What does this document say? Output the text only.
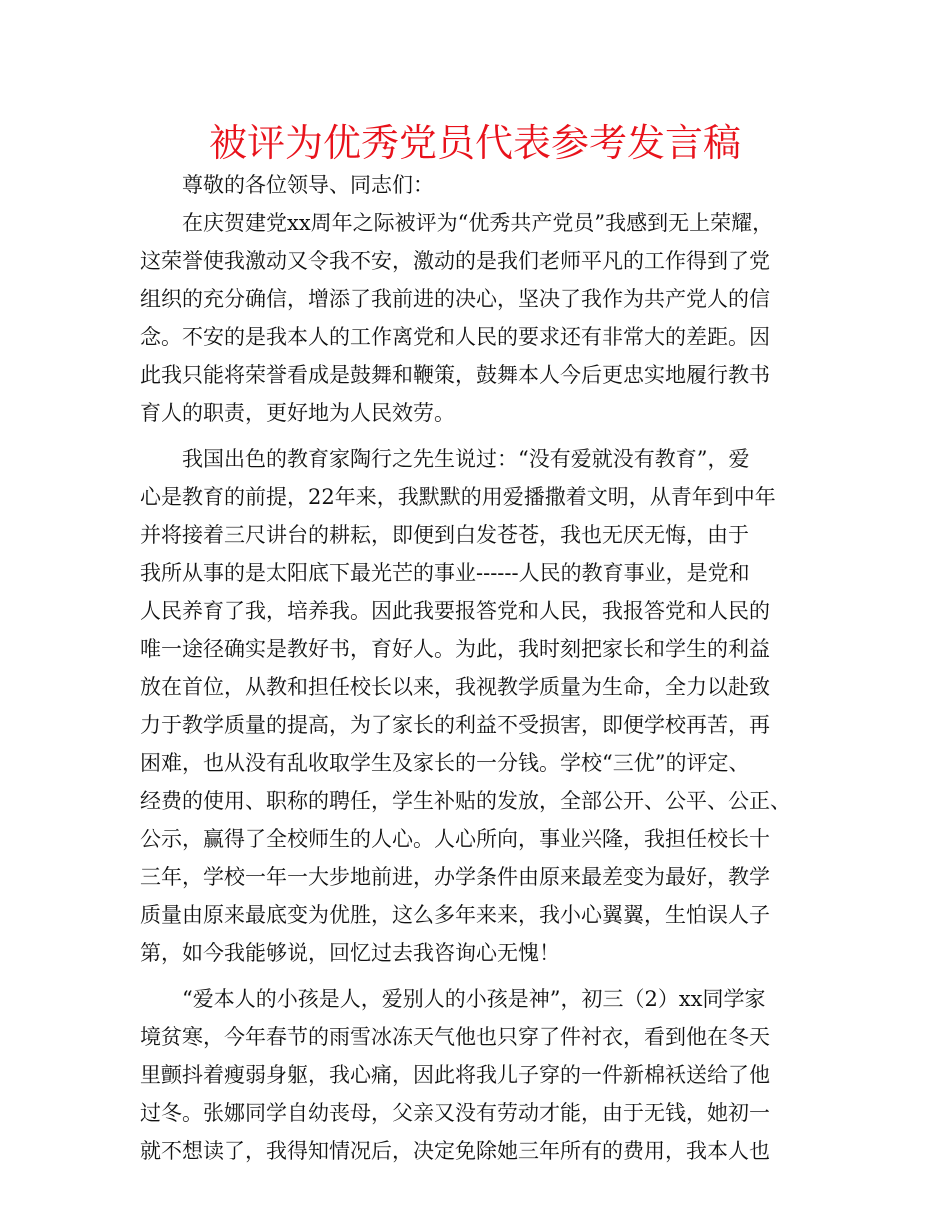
被评为优秀党员代表参考发言稿
尊敬的各位领导、同志们：
在庆贺建党xx周年之际被评为“优秀共产党员”我感到无上荣耀，
这荣誉使我激动又令我不安，激动的是我们老师平凡的工作得到了党
组织的充分确信，增添了我前进的决心，坚决了我作为共产党人的信
念。不安的是我本人的工作离党和人民的要求还有非常大的差距。因
此我只能将荣誉看成是鼓舞和鞭策，鼓舞本人今后更忠实地履行教书
育人的职责，更好地为人民效劳。
我国出色的教育家陶行之先生说过：“没有爱就没有教育”，爱
心是教育的前提，22年来，我默默的用爱播撒着文明，从青年到中年
并将接着三尺讲台的耕耘，即便到白发苍苍，我也无厌无悔，由于
我所从事的是太阳底下最光芒的事业------人民的教育事业，是党和
人民养育了我，培养我。因此我要报答党和人民，我报答党和人民的
唯一途径确实是教好书，育好人。为此，我时刻把家长和学生的利益
放在首位，从教和担任校长以来，我视教学质量为生命，全力以赴致
力于教学质量的提高，为了家长的利益不受损害，即便学校再苦，再
困难，也从没有乱收取学生及家长的一分钱。学校“三优”的评定、
经费的使用、职称的聘任，学生补贴的发放，全部公开、公平、公正、
公示，赢得了全校师生的人心。人心所向，事业兴隆，我担任校长十
三年，学校一年一大步地前进，办学条件由原来最差变为最好，教学
质量由原来最底变为优胜，这么多年来来，我小心翼翼，生怕误人子
第，如今我能够说，回忆过去我咨询心无愧！
“爱本人的小孩是人，爱别人的小孩是神”，初三（2）xx同学家
境贫寒，今年春节的雨雪冰冻天气他也只穿了件衬衣，看到他在冬天
里颤抖着瘦弱身躯，我心痛，因此将我儿子穿的一件新棉袄送给了他
过冬。张娜同学自幼丧母，父亲又没有劳动才能，由于无钱，她初一
就不想读了，我得知情况后，决定免除她三年所有的费用，我本人也
